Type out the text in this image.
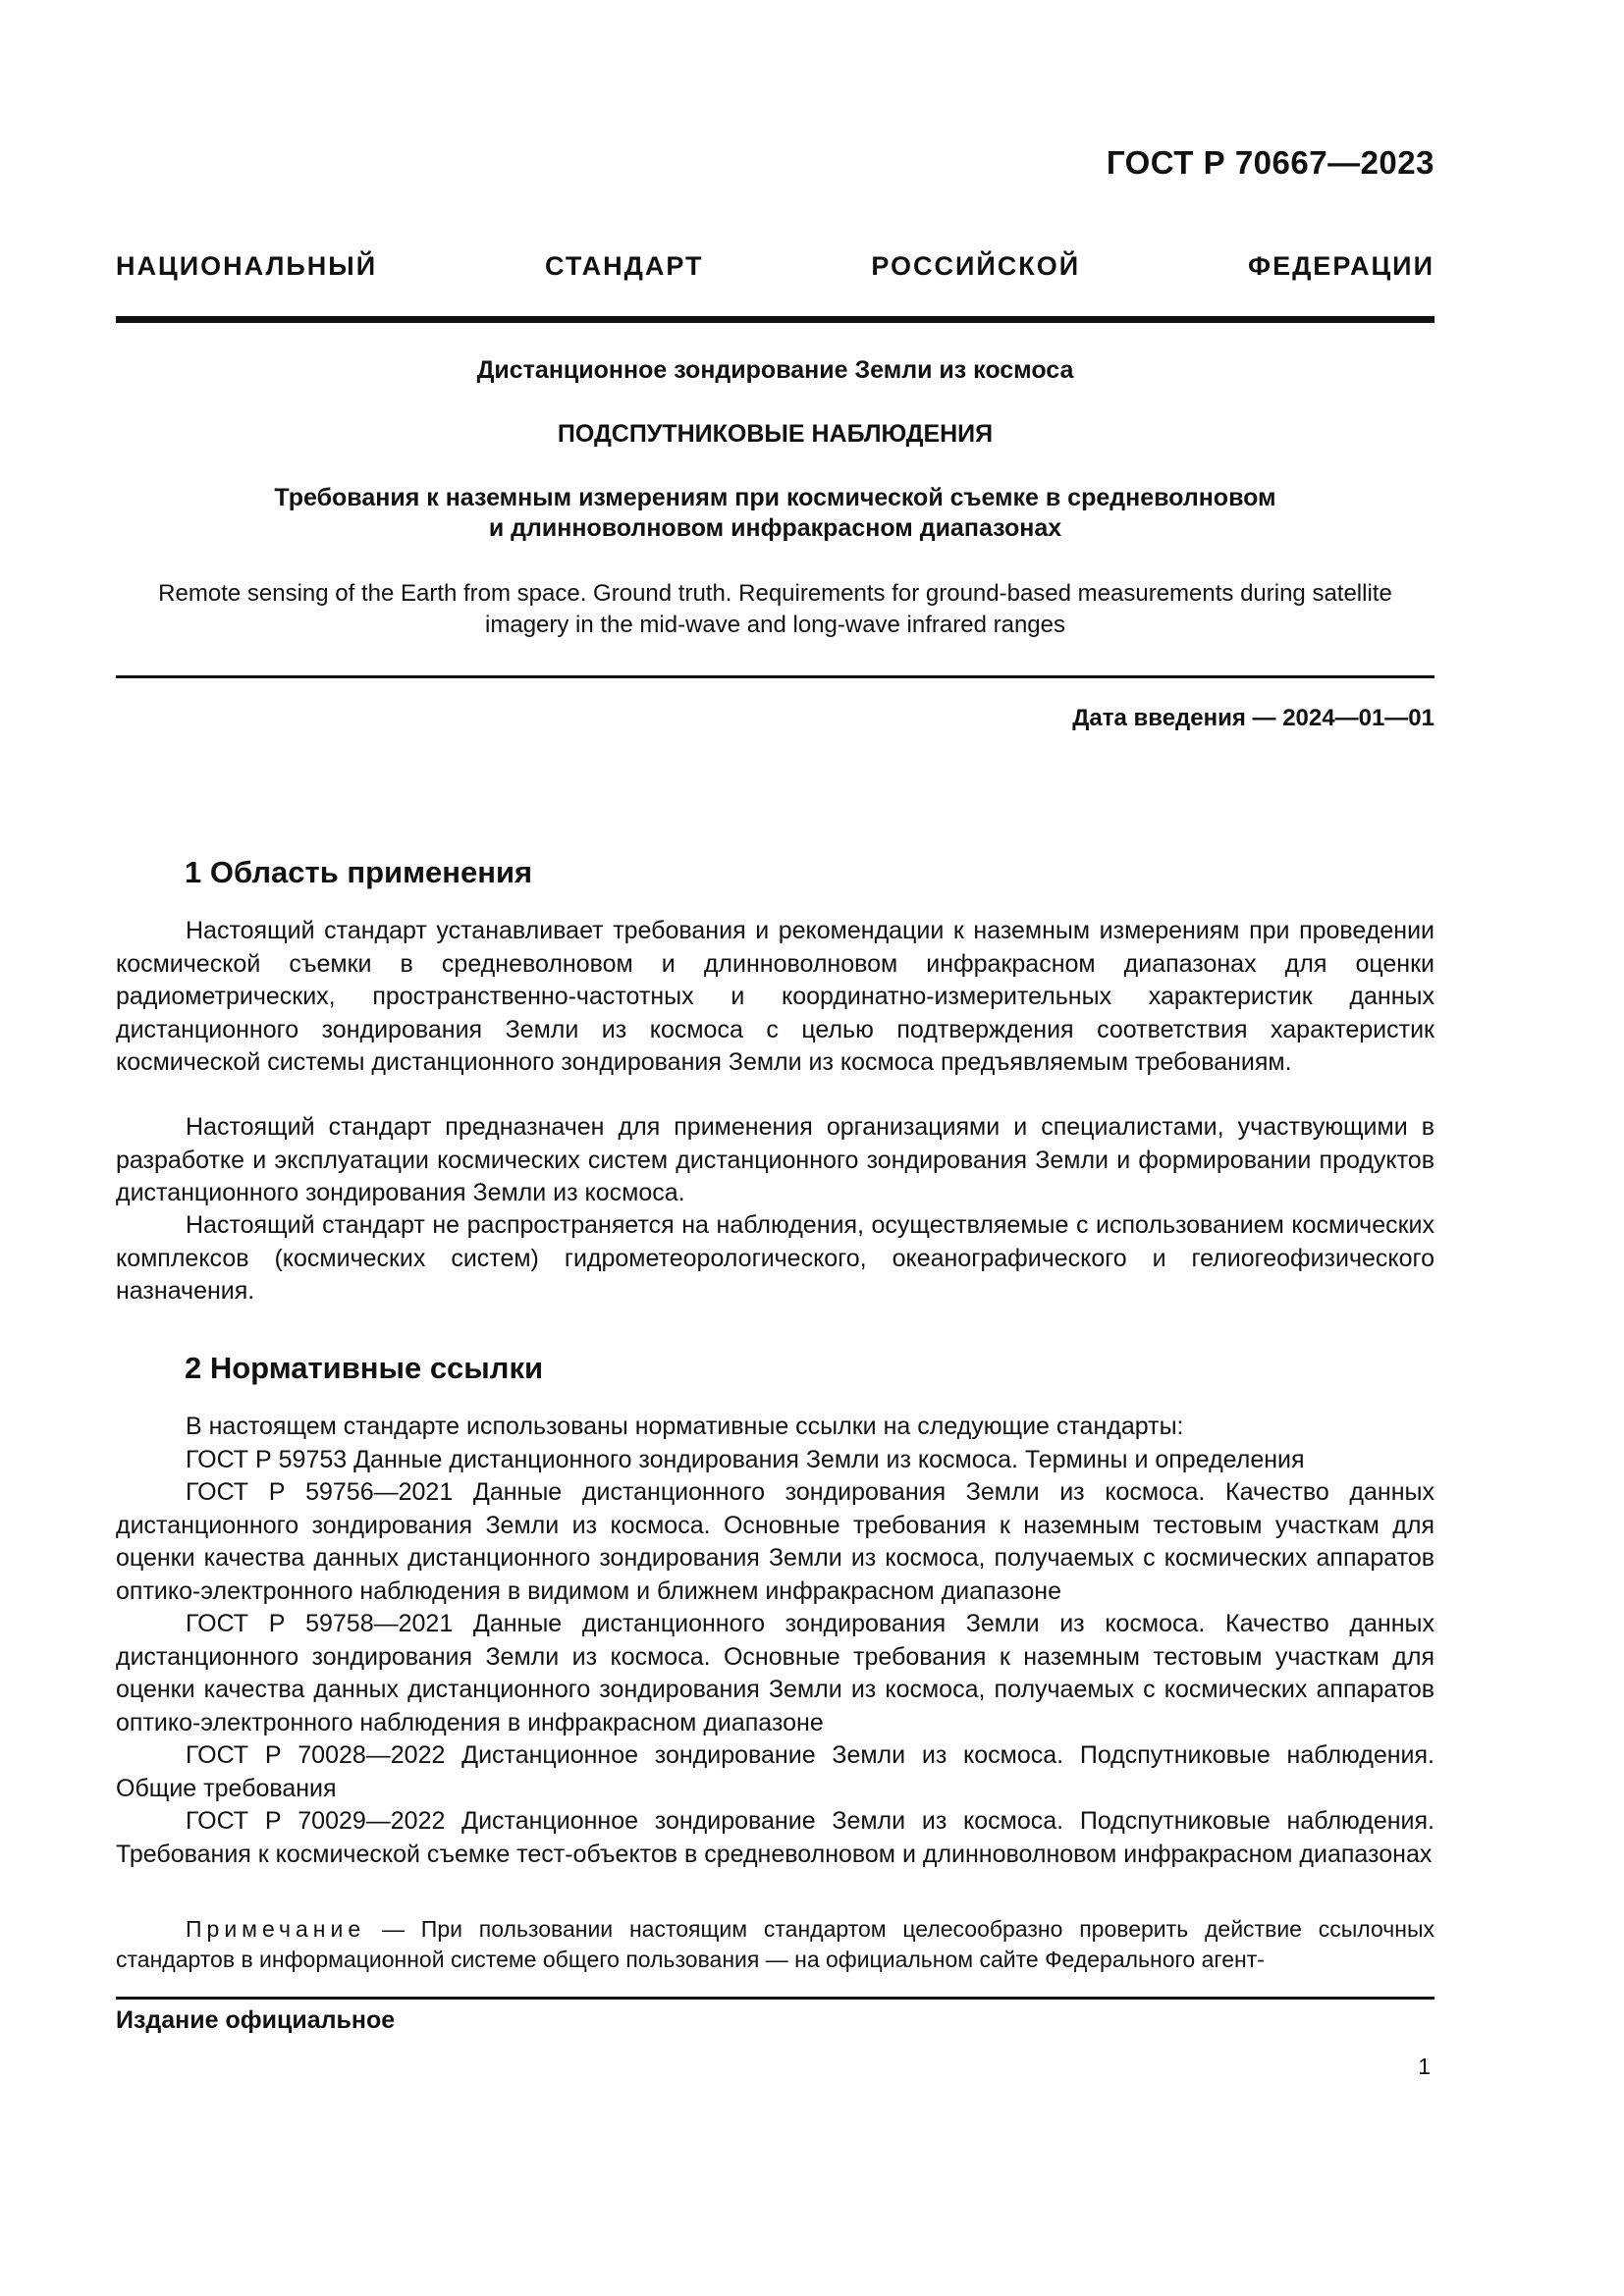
ГОСТ Р 70667—2023
НАЦИОНАЛЬНЫЙ СТАНДАРТ РОССИЙСКОЙ ФЕДЕРАЦИИ
Дистанционное зондирование Земли из космоса
ПОДСПУТНИКОВЫЕ НАБЛЮДЕНИЯ
Требования к наземным измерениям при космической съемке в средневолновом
и длинноволновом инфракрасном диапазонах
Remote sensing of the Earth from space. Ground truth. Requirements for ground-based measurements during satellite
imagery in the mid-wave and long-wave infrared ranges
Дата введения — 2024—01—01
1 Область применения
Настоящий стандарт устанавливает требования и рекомендации к наземным измерениям при проведении космической съемки в средневолновом и длинноволновом инфракрасном диапазонах для оценки радиометрических, пространственно-частотных и координатно-измерительных характеристик данных дистанционного зондирования Земли из космоса с целью подтверждения соответствия характеристик космической системы дистанционного зондирования Земли из космоса предъявляемым требованиям.
Настоящий стандарт предназначен для применения организациями и специалистами, участвующими в разработке и эксплуатации космических систем дистанционного зондирования Земли и формировании продуктов дистанционного зондирования Земли из космоса.
Настоящий стандарт не распространяется на наблюдения, осуществляемые с использованием космических комплексов (космических систем) гидрометеорологического, океанографического и гелиогеофизического назначения.
2 Нормативные ссылки
В настоящем стандарте использованы нормативные ссылки на следующие стандарты:
ГОСТ Р 59753 Данные дистанционного зондирования Земли из космоса. Термины и определения
ГОСТ Р 59756—2021 Данные дистанционного зондирования Земли из космоса. Качество данных дистанционного зондирования Земли из космоса. Основные требования к наземным тестовым участкам для оценки качества данных дистанционного зондирования Земли из космоса, получаемых с космических аппаратов оптико-электронного наблюдения в видимом и ближнем инфракрасном диапазоне
ГОСТ Р 59758—2021 Данные дистанционного зондирования Земли из космоса. Качество данных дистанционного зондирования Земли из космоса. Основные требования к наземным тестовым участкам для оценки качества данных дистанционного зондирования Земли из космоса, получаемых с космических аппаратов оптико-электронного наблюдения в инфракрасном диапазоне
ГОСТ Р 70028—2022 Дистанционное зондирование Земли из космоса. Подспутниковые наблюдения. Общие требования
ГОСТ Р 70029—2022 Дистанционное зондирование Земли из космоса. Подспутниковые наблюдения. Требования к космической съемке тест-объектов в средневолновом и длинноволновом инфракрасном диапазонах
Примечание — При пользовании настоящим стандартом целесообразно проверить действие ссылочных стандартов в информационной системе общего пользования — на официальном сайте Федерального агент-
Издание официальное
1
